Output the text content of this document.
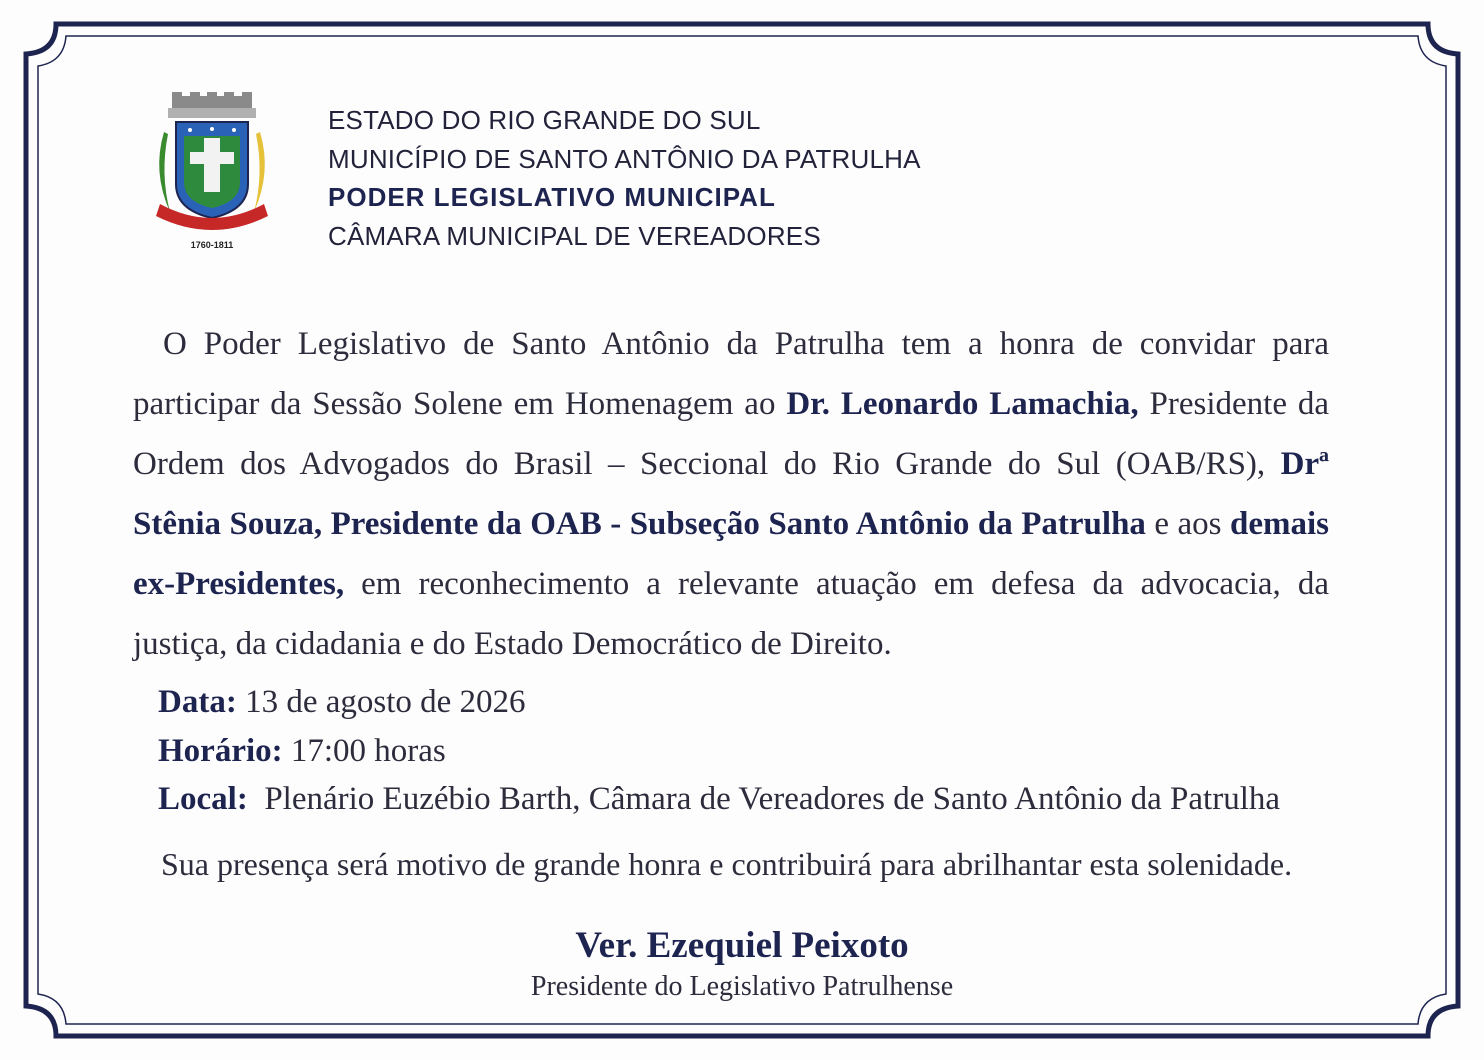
1760-1811
ESTADO DO RIO GRANDE DO SUL
MUNICÍPIO DE SANTO ANTÔNIO DA PATRULHA
PODER LEGISLATIVO MUNICIPAL
CÂMARA MUNICIPAL DE VEREADORES

O Poder Legislativo de Santo Antônio da Patrulha tem a honra de convidar para participar da Sessão Solene em Homenagem ao Dr. Leonardo Lamachia, Presidente da Ordem dos Advogados do Brasil – Seccional do Rio Grande do Sul (OAB/RS), Drª Stênia Souza, Presidente da OAB - Subseção Santo Antônio da Patrulha e aos demais ex-Presidentes, em reconhecimento a relevante atuação em defesa da advocacia, da justiça, da cidadania e do Estado Democrático de Direito.

Data: 13 de agosto de 2026
Horário: 17:00 horas
Local:  Plenário Euzébio Barth, Câmara de Vereadores de Santo Antônio da Patrulha
Sua presença será motivo de grande honra e contribuirá para abrilhantar esta solenidade.
Ver. Ezequiel Peixoto
Presidente do Legislativo Patrulhense
